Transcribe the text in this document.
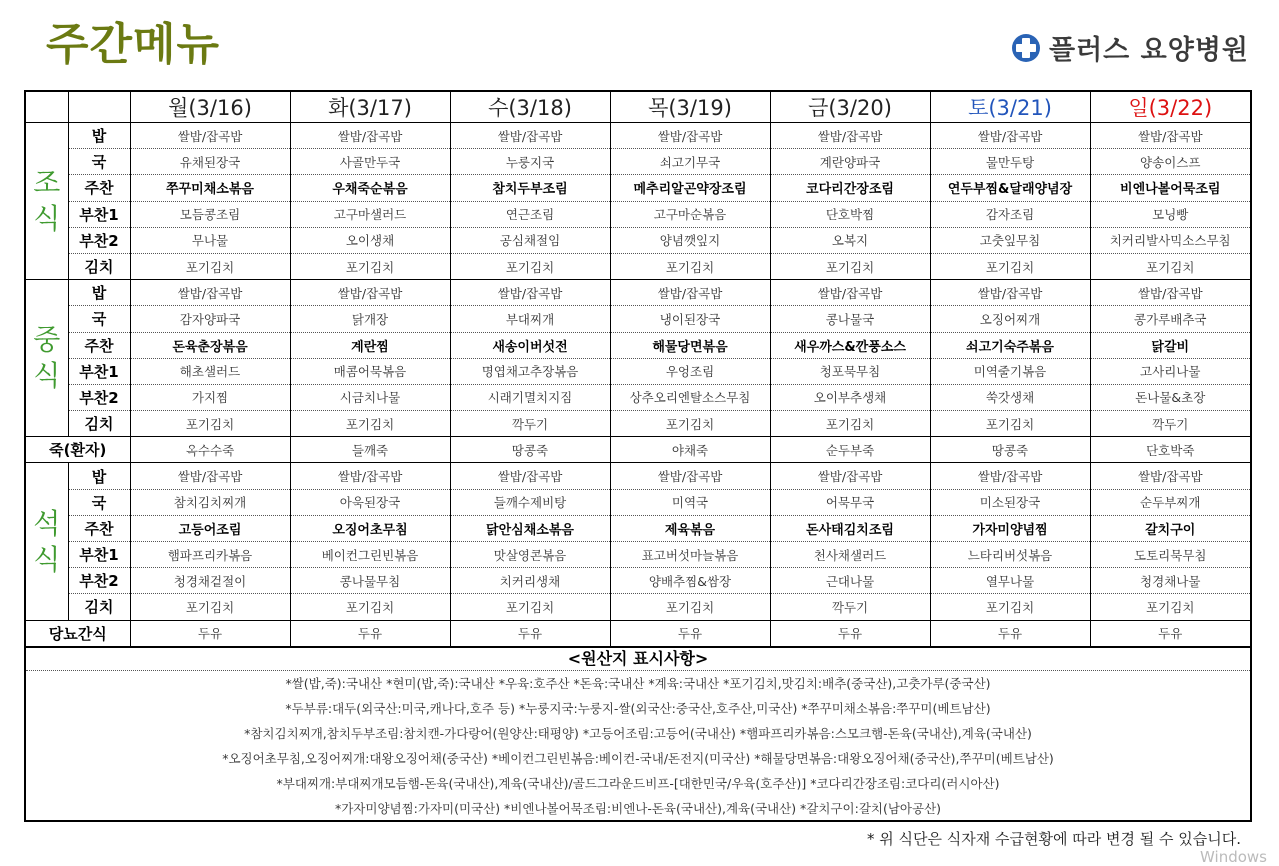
주간메뉴	플러스 요양병원
		월(3/16)	화(3/17)	수(3/18)	목(3/19)	금(3/20)	토(3/21)	일(3/22)
조식	밥	쌀밥/잡곡밥	쌀밥/잡곡밥	쌀밥/잡곡밥	쌀밥/잡곡밥	쌀밥/잡곡밥	쌀밥/잡곡밥	쌀밥/잡곡밥
	국	유채된장국	사골만두국	누룽지국	쇠고기무국	계란양파국	물만두탕	양송이스프
	주찬	쭈꾸미채소볶음	우채죽순볶음	참치두부조림	메추리알곤약장조림	코다리간장조림	연두부찜&달래양념장	비엔나볼어묵조림
	부찬1	모듬콩조림	고구마샐러드	연근조림	고구마순볶음	단호박찜	감자조림	모닝빵
	부찬2	무나물	오이생채	공심채절임	양념깻잎지	오복지	고춧잎무침	치커리발사믹소스무침
	김치	포기김치	포기김치	포기김치	포기김치	포기김치	포기김치	포기김치
중식	밥	쌀밥/잡곡밥	쌀밥/잡곡밥	쌀밥/잡곡밥	쌀밥/잡곡밥	쌀밥/잡곡밥	쌀밥/잡곡밥	쌀밥/잡곡밥
	국	감자양파국	닭개장	부대찌개	냉이된장국	콩나물국	오징어찌개	콩가루배추국
	주찬	돈육춘장볶음	계란찜	새송이버섯전	해물당면볶음	새우까스&깐풍소스	쇠고기숙주볶음	닭갈비
	부찬1	해초샐러드	매콤어묵볶음	명엽채고추장볶음	우엉조림	청포묵무침	미역줄기볶음	고사리나물
	부찬2	가지찜	시금치나물	시래기멸치지짐	상추오리엔탈소스무침	오이부추생채	쑥갓생채	돈나물&초장
	김치	포기김치	포기김치	깍두기	포기김치	포기김치	포기김치	깍두기
죽(환자)		옥수수죽	들깨죽	땅콩죽	야채죽	순두부죽	땅콩죽	단호박죽
석식	밥	쌀밥/잡곡밥	쌀밥/잡곡밥	쌀밥/잡곡밥	쌀밥/잡곡밥	쌀밥/잡곡밥	쌀밥/잡곡밥	쌀밥/잡곡밥
	국	참치김치찌개	아욱된장국	들깨수제비탕	미역국	어묵무국	미소된장국	순두부찌개
	주찬	고등어조림	오징어초무침	닭안심채소볶음	제육볶음	돈사태김치조림	가자미양념찜	갈치구이
	부찬1	햄파프리카볶음	베이컨그린빈볶음	맛살영콘볶음	표고버섯마늘볶음	천사채샐러드	느타리버섯볶음	도토리묵무침
	부찬2	청경채겉절이	콩나물무침	치커리생채	양배추찜&쌈장	근대나물	열무나물	청경채나물
	김치	포기김치	포기김치	포기김치	포기김치	깍두기	포기김치	포기김치
당뇨간식		두유	두유	두유	두유	두유	두유	두유
<원산지 표시사항>
*쌀(밥,죽):국내산 *현미(밥,죽):국내산 *우육:호주산 *돈육:국내산 *계육:국내산 *포기김치,맛김치:배추(중국산),고춧가루(중국산)
*두부류:대두(외국산:미국,캐나다,호주 등) *누룽지국:누룽지-쌀(외국산:중국산,호주산,미국산) *쭈꾸미채소볶음:쭈꾸미(베트남산)
*참치김치찌개,참치두부조림:참치캔-가다랑어(원양산:태평양) *고등어조림:고등어(국내산) *햄파프리카볶음:스모크햄-돈육(국내산),계육(국내산)
*오징어초무침,오징어찌개:대왕오징어채(중국산) *베이컨그린빈볶음:베이컨-국내/돈전지(미국산) *해물당면볶음:대왕오징어채(중국산),쭈꾸미(베트남산)
*부대찌개:부대찌개모듬햄-돈육(국내산),계육(국내산)/골드그라운드비프-[대한민국/우육(호주산)] *코다리간장조림:코다리(러시아산)
*가자미양념찜:가자미(미국산) *비엔나볼어묵조림:비엔나-돈육(국내산),계육(국내산) *갈치구이:갈치(남아공산)
* 위 식단은 식자재 수급현황에 따라 변경 될 수 있습니다.
Windows
